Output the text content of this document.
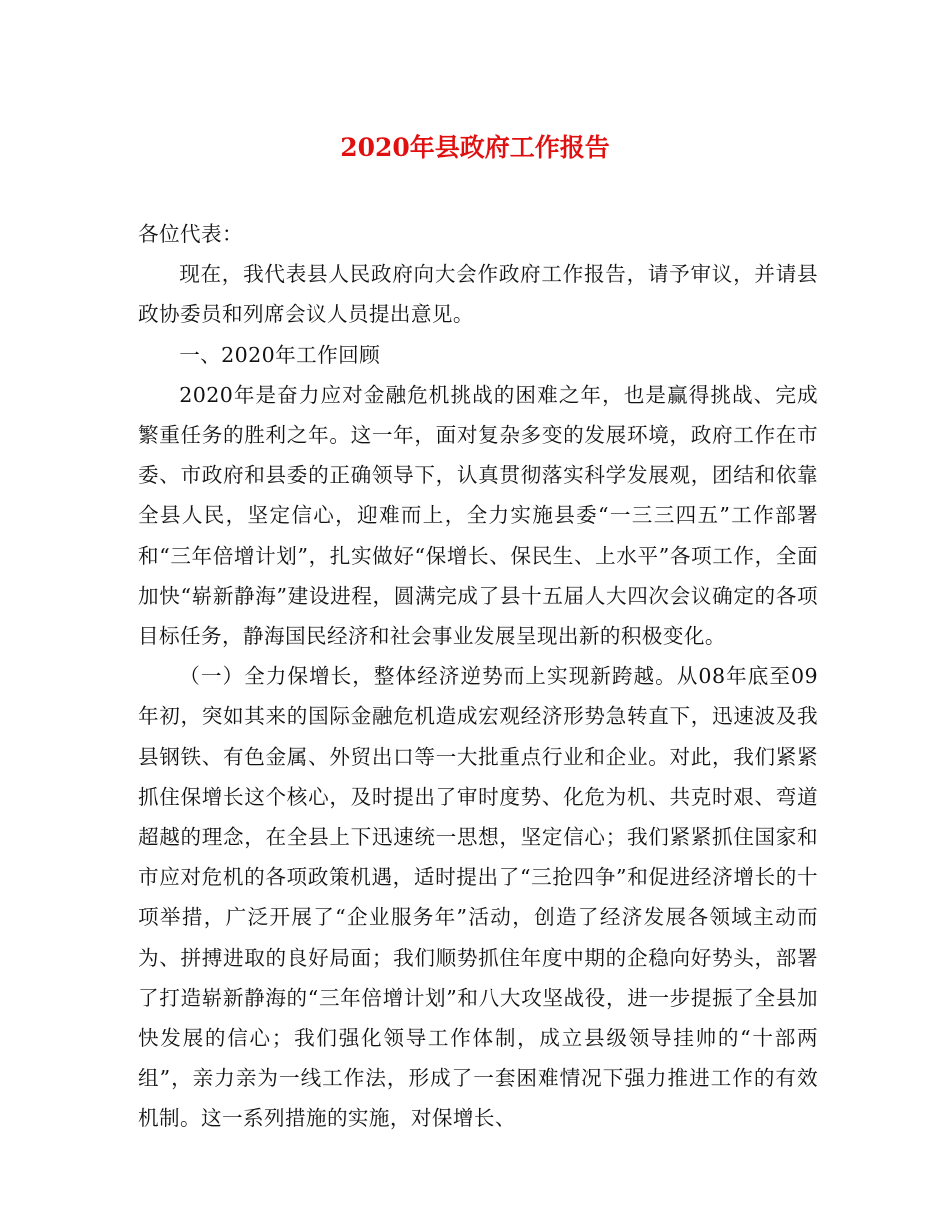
2020年县政府工作报告

各位代表：

现在，我代表县人民政府向大会作政府工作报告，请予审议，并请县政协委员和列席会议人员提出意见。

一、2020年工作回顾

2020年是奋力应对金融危机挑战的困难之年，也是赢得挑战、完成繁重任务的胜利之年。这一年，面对复杂多变的发展环境，政府工作在市委、市政府和县委的正确领导下，认真贯彻落实科学发展观，团结和依靠全县人民，坚定信心，迎难而上，全力实施县委“一三三四五”工作部署和“三年倍增计划”，扎实做好“保增长、保民生、上水平”各项工作，全面加快“崭新静海”建设进程，圆满完成了县十五届人大四次会议确定的各项目标任务，静海国民经济和社会事业发展呈现出新的积极变化。

（一）全力保增长，整体经济逆势而上实现新跨越。从08年底至09年初，突如其来的国际金融危机造成宏观经济形势急转直下，迅速波及我县钢铁、有色金属、外贸出口等一大批重点行业和企业。对此，我们紧紧抓住保增长这个核心，及时提出了审时度势、化危为机、共克时艰、弯道超越的理念，在全县上下迅速统一思想，坚定信心；我们紧紧抓住国家和市应对危机的各项政策机遇，适时提出了“三抢四争”和促进经济增长的十项举措，广泛开展了“企业服务年”活动，创造了经济发展各领域主动而为、拼搏进取的良好局面；我们顺势抓住年度中期的企稳向好势头，部署了打造崭新静海的“三年倍增计划”和八大攻坚战役，进一步提振了全县加快发展的信心；我们强化领导工作体制，成立县级领导挂帅的“十部两组”，亲力亲为一线工作法，形成了一套困难情况下强力推进工作的有效机制。这一系列措施的实施，对保增长、
